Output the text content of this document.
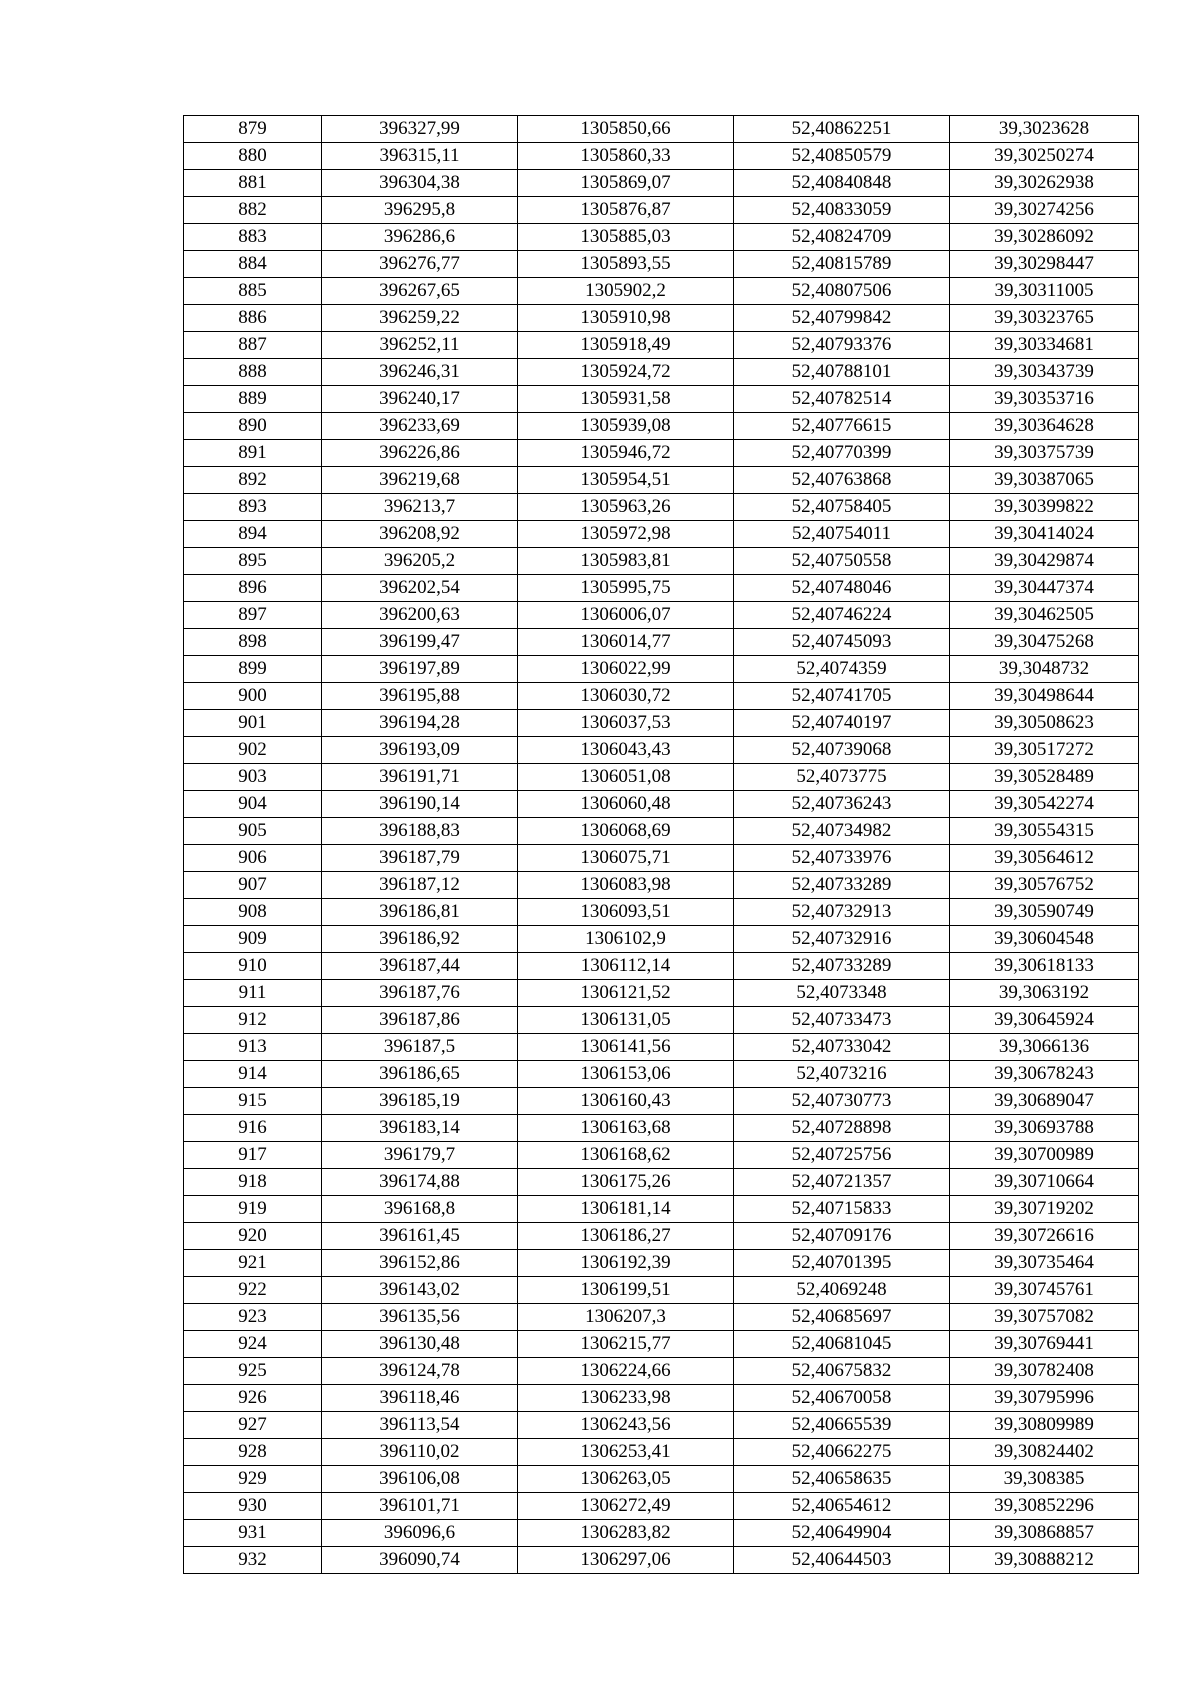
879	396327,99	1305850,66	52,40862251	39,3023628
880	396315,11	1305860,33	52,40850579	39,30250274
881	396304,38	1305869,07	52,40840848	39,30262938
882	396295,8	1305876,87	52,40833059	39,30274256
883	396286,6	1305885,03	52,40824709	39,30286092
884	396276,77	1305893,55	52,40815789	39,30298447
885	396267,65	1305902,2	52,40807506	39,30311005
886	396259,22	1305910,98	52,40799842	39,30323765
887	396252,11	1305918,49	52,40793376	39,30334681
888	396246,31	1305924,72	52,40788101	39,30343739
889	396240,17	1305931,58	52,40782514	39,30353716
890	396233,69	1305939,08	52,40776615	39,30364628
891	396226,86	1305946,72	52,40770399	39,30375739
892	396219,68	1305954,51	52,40763868	39,30387065
893	396213,7	1305963,26	52,40758405	39,30399822
894	396208,92	1305972,98	52,40754011	39,30414024
895	396205,2	1305983,81	52,40750558	39,30429874
896	396202,54	1305995,75	52,40748046	39,30447374
897	396200,63	1306006,07	52,40746224	39,30462505
898	396199,47	1306014,77	52,40745093	39,30475268
899	396197,89	1306022,99	52,4074359	39,3048732
900	396195,88	1306030,72	52,40741705	39,30498644
901	396194,28	1306037,53	52,40740197	39,30508623
902	396193,09	1306043,43	52,40739068	39,30517272
903	396191,71	1306051,08	52,4073775	39,30528489
904	396190,14	1306060,48	52,40736243	39,30542274
905	396188,83	1306068,69	52,40734982	39,30554315
906	396187,79	1306075,71	52,40733976	39,30564612
907	396187,12	1306083,98	52,40733289	39,30576752
908	396186,81	1306093,51	52,40732913	39,30590749
909	396186,92	1306102,9	52,40732916	39,30604548
910	396187,44	1306112,14	52,40733289	39,30618133
911	396187,76	1306121,52	52,4073348	39,3063192
912	396187,86	1306131,05	52,40733473	39,30645924
913	396187,5	1306141,56	52,40733042	39,3066136
914	396186,65	1306153,06	52,4073216	39,30678243
915	396185,19	1306160,43	52,40730773	39,30689047
916	396183,14	1306163,68	52,40728898	39,30693788
917	396179,7	1306168,62	52,40725756	39,30700989
918	396174,88	1306175,26	52,40721357	39,30710664
919	396168,8	1306181,14	52,40715833	39,30719202
920	396161,45	1306186,27	52,40709176	39,30726616
921	396152,86	1306192,39	52,40701395	39,30735464
922	396143,02	1306199,51	52,4069248	39,30745761
923	396135,56	1306207,3	52,40685697	39,30757082
924	396130,48	1306215,77	52,40681045	39,30769441
925	396124,78	1306224,66	52,40675832	39,30782408
926	396118,46	1306233,98	52,40670058	39,30795996
927	396113,54	1306243,56	52,40665539	39,30809989
928	396110,02	1306253,41	52,40662275	39,30824402
929	396106,08	1306263,05	52,40658635	39,308385
930	396101,71	1306272,49	52,40654612	39,30852296
931	396096,6	1306283,82	52,40649904	39,30868857
932	396090,74	1306297,06	52,40644503	39,30888212
